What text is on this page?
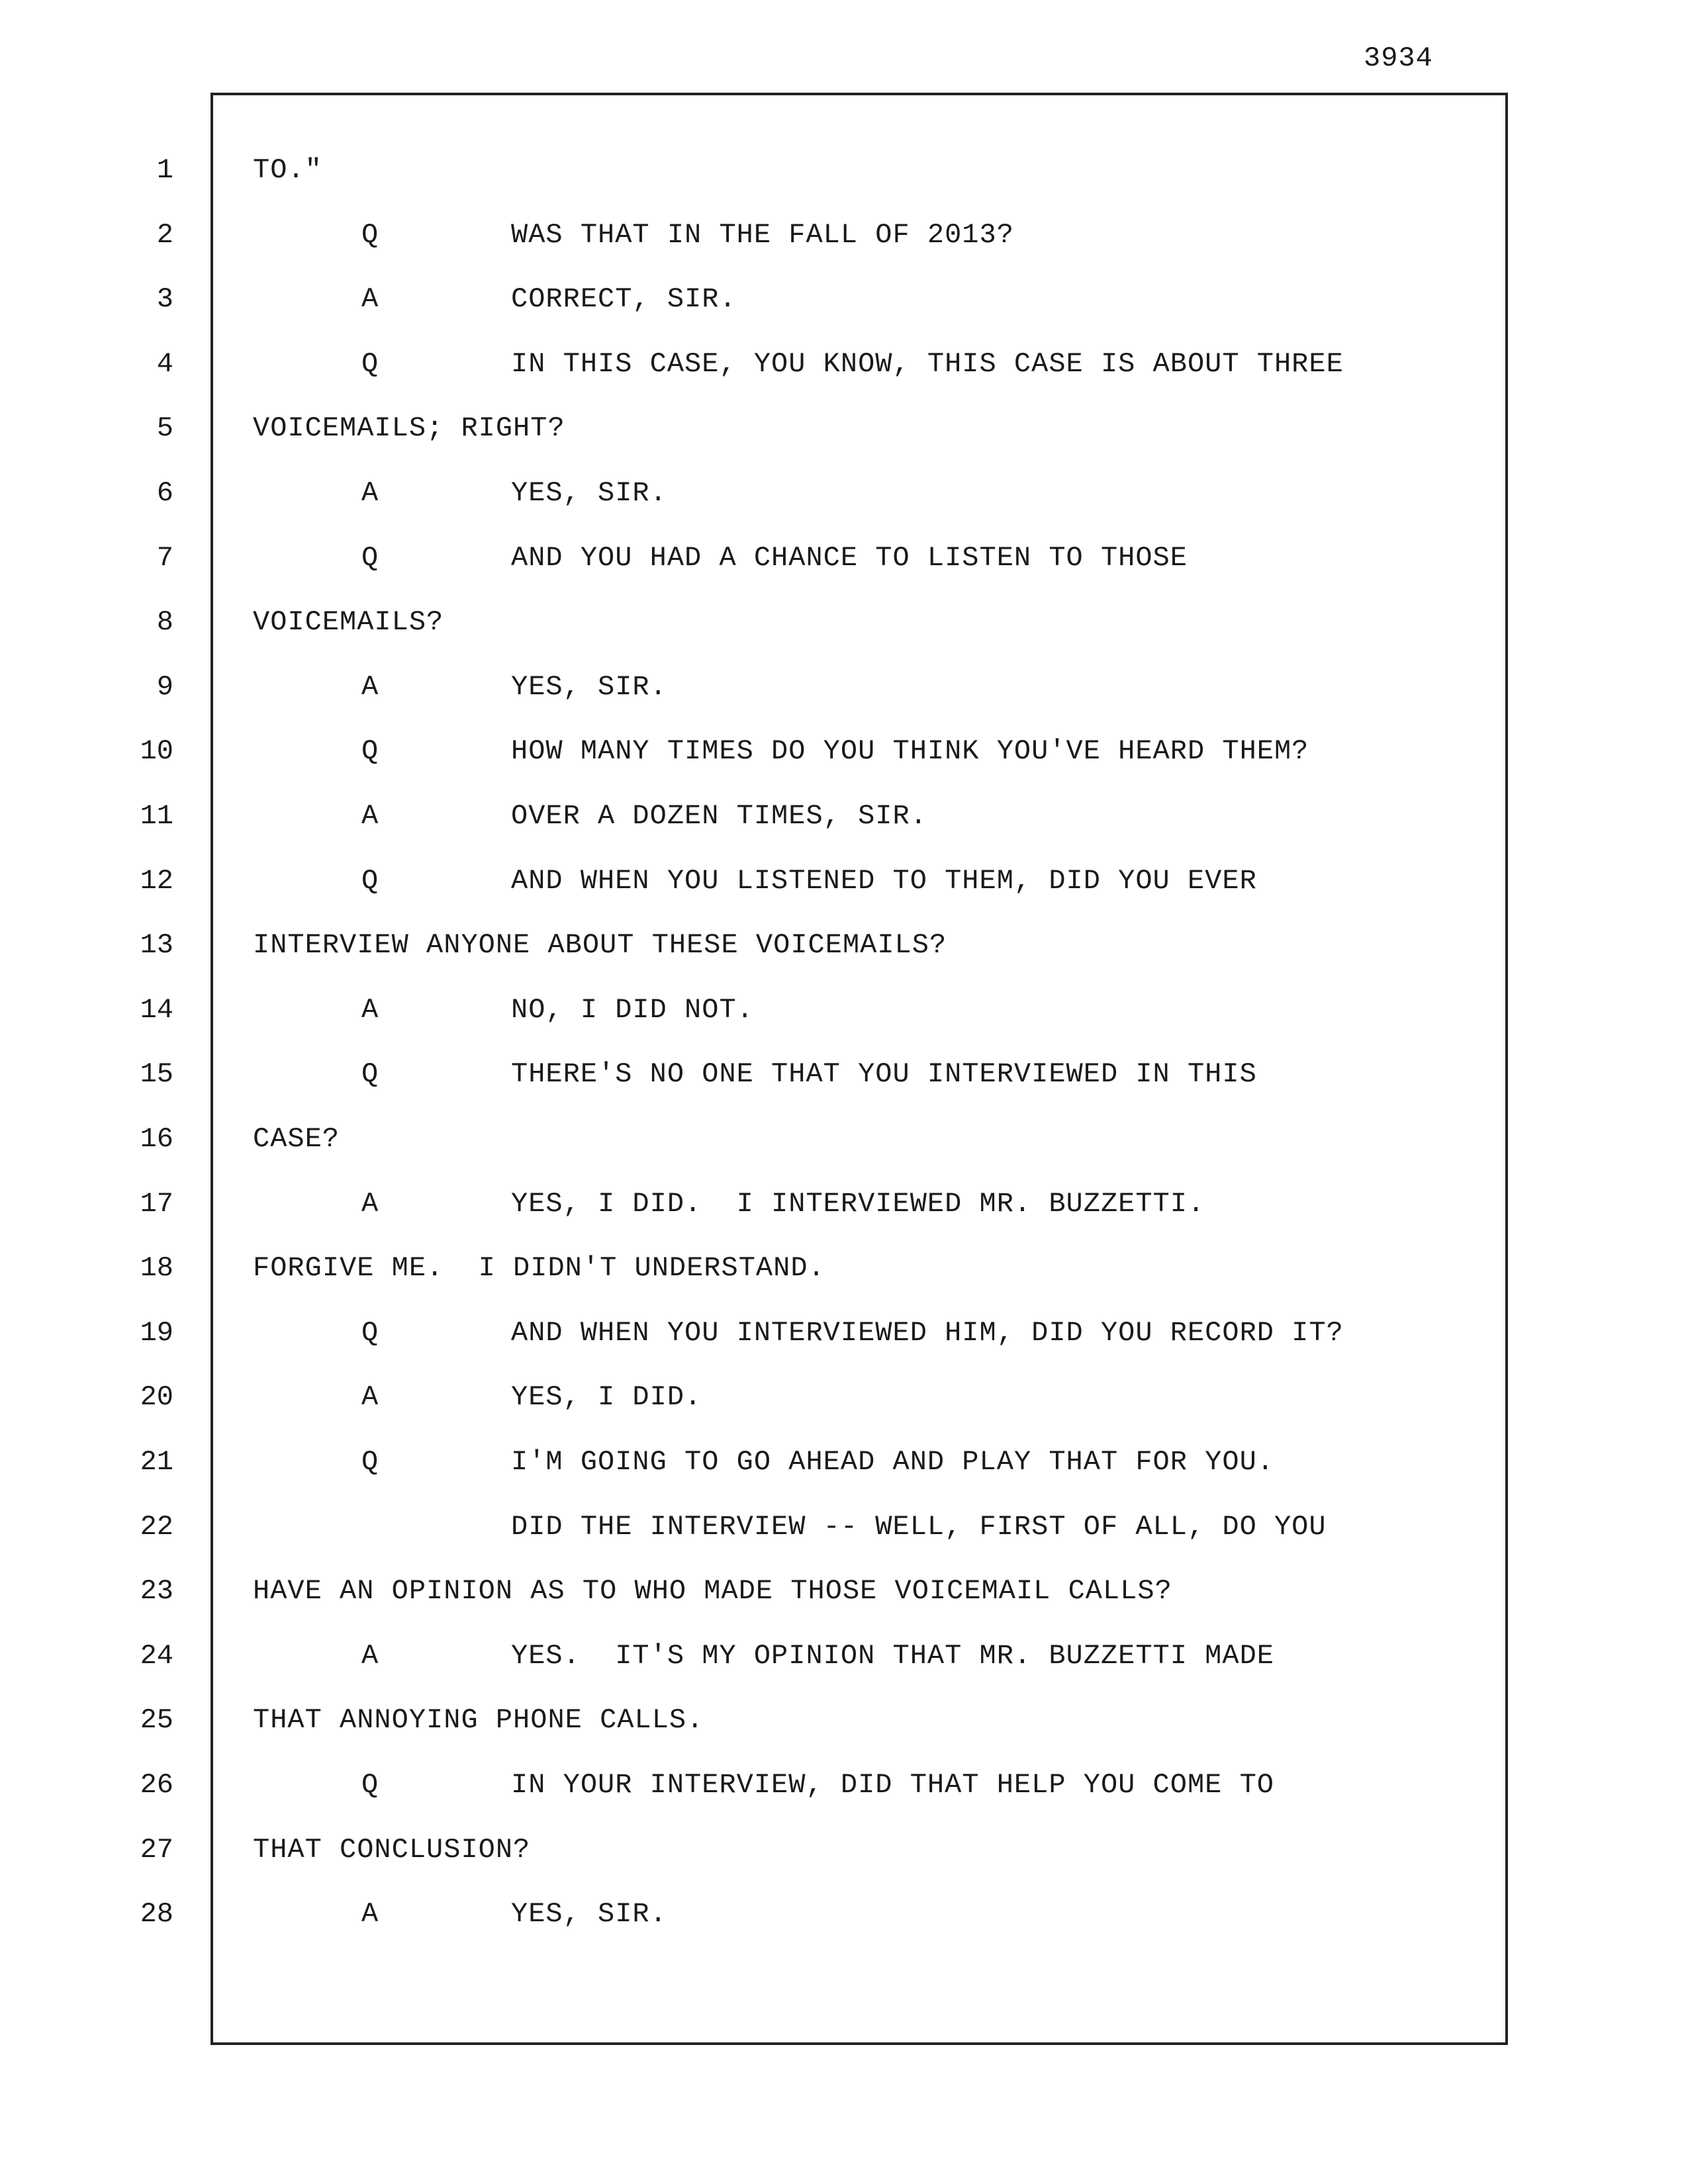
3934
1	TO."
2	Q	WAS THAT IN THE FALL OF 2013?
3	A	CORRECT, SIR.
4	Q	IN THIS CASE, YOU KNOW, THIS CASE IS ABOUT THREE
5	VOICEMAILS; RIGHT?
6	A	YES, SIR.
7	Q	AND YOU HAD A CHANCE TO LISTEN TO THOSE
8	VOICEMAILS?
9	A	YES, SIR.
10	Q	HOW MANY TIMES DO YOU THINK YOU'VE HEARD THEM?
11	A	OVER A DOZEN TIMES, SIR.
12	Q	AND WHEN YOU LISTENED TO THEM, DID YOU EVER
13	INTERVIEW ANYONE ABOUT THESE VOICEMAILS?
14	A	NO, I DID NOT.
15	Q	THERE'S NO ONE THAT YOU INTERVIEWED IN THIS
16	CASE?
17	A	YES, I DID.  I INTERVIEWED MR. BUZZETTI.
18	FORGIVE ME.  I DIDN'T UNDERSTAND.
19	Q	AND WHEN YOU INTERVIEWED HIM, DID YOU RECORD IT?
20	A	YES, I DID.
21	Q	I'M GOING TO GO AHEAD AND PLAY THAT FOR YOU.
22	DID THE INTERVIEW -- WELL, FIRST OF ALL, DO YOU
23	HAVE AN OPINION AS TO WHO MADE THOSE VOICEMAIL CALLS?
24	A	YES.  IT'S MY OPINION THAT MR. BUZZETTI MADE
25	THAT ANNOYING PHONE CALLS.
26	Q	IN YOUR INTERVIEW, DID THAT HELP YOU COME TO
27	THAT CONCLUSION?
28	A	YES, SIR.
